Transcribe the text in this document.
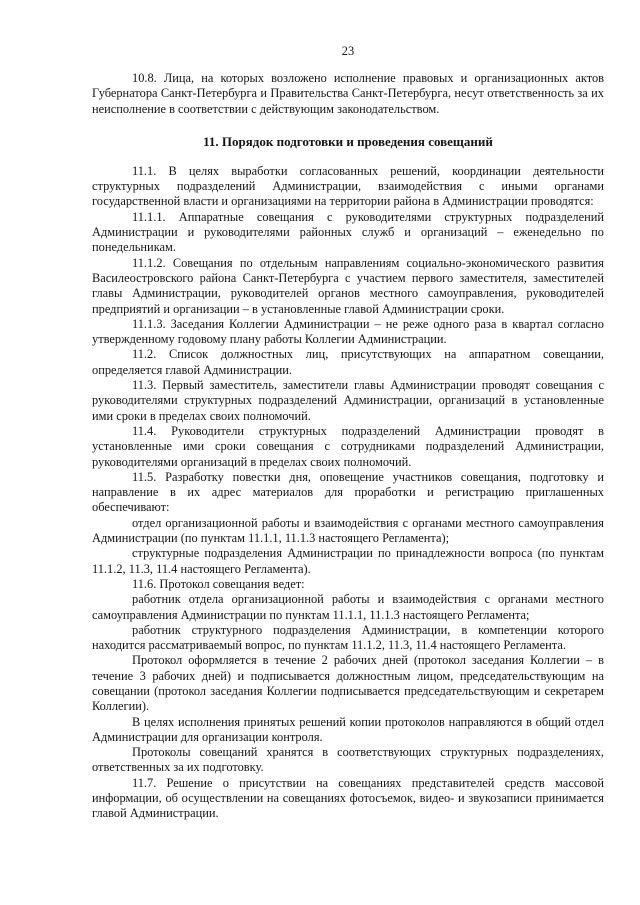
23

10.8. Лица, на которых возложено исполнение правовых и организационных актов Губернатора Санкт-Петербурга и Правительства Санкт-Петербурга, несут ответственность за их неисполнение в соответствии с действующим законодательством.

11. Порядок подготовки и проведения совещаний

11.1. В целях выработки согласованных решений, координации деятельности структурных подразделений Администрации, взаимодействия с иными органами государственной власти и организациями на территории района в Администрации проводятся:

11.1.1. Аппаратные совещания с руководителями структурных подразделений Администрации и руководителями районных служб и организаций – еженедельно по понедельникам.

11.1.2. Совещания по отдельным направлениям социально-экономического развития Василеостровского района Санкт-Петербурга с участием первого заместителя, заместителей главы Администрации, руководителей органов местного самоуправления, руководителей предприятий и организации – в установленные главой Администрации сроки.

11.1.3. Заседания Коллегии Администрации – не реже одного раза в квартал согласно утвержденному годовому плану работы Коллегии Администрации.

11.2. Список должностных лиц, присутствующих на аппаратном совещании, определяется главой Администрации.

11.3. Первый заместитель, заместители главы Администрации проводят совещания с руководителями структурных подразделений Администрации, организаций в установленные ими сроки в пределах своих полномочий.

11.4. Руководители структурных подразделений Администрации проводят в установленные ими сроки совещания с сотрудниками подразделений Администрации, руководителями организаций в пределах своих полномочий.

11.5. Разработку повестки дня, оповещение участников совещания, подготовку и направление в их адрес материалов для проработки и регистрацию приглашенных обеспечивают:

отдел организационной работы и взаимодействия с органами местного самоуправления Администрации (по пунктам 11.1.1, 11.1.3 настоящего Регламента);

структурные подразделения Администрации по принадлежности вопроса (по пунктам 11.1.2, 11.3, 11.4 настоящего Регламента).

11.6. Протокол совещания ведет:

работник отдела организационной работы и взаимодействия с органами местного самоуправления Администрации по пунктам 11.1.1, 11.1.3 настоящего Регламента;

работник структурного подразделения Администрации, в компетенции которого находится рассматриваемый вопрос, по пунктам 11.1.2, 11.3, 11.4 настоящего Регламента.

Протокол оформляется в течение 2 рабочих дней (протокол заседания Коллегии – в течение 3 рабочих дней) и подписывается должностным лицом, председательствующим на совещании (протокол заседания Коллегии подписывается председательствующим и секретарем Коллегии).

В целях исполнения принятых решений копии протоколов направляются в общий отдел Администрации для организации контроля.

Протоколы совещаний хранятся в соответствующих структурных подразделениях, ответственных за их подготовку.

11.7. Решение о присутствии на совещаниях представителей средств массовой информации, об осуществлении на совещаниях фотосъемок, видео- и звукозаписи принимается главой Администрации.
